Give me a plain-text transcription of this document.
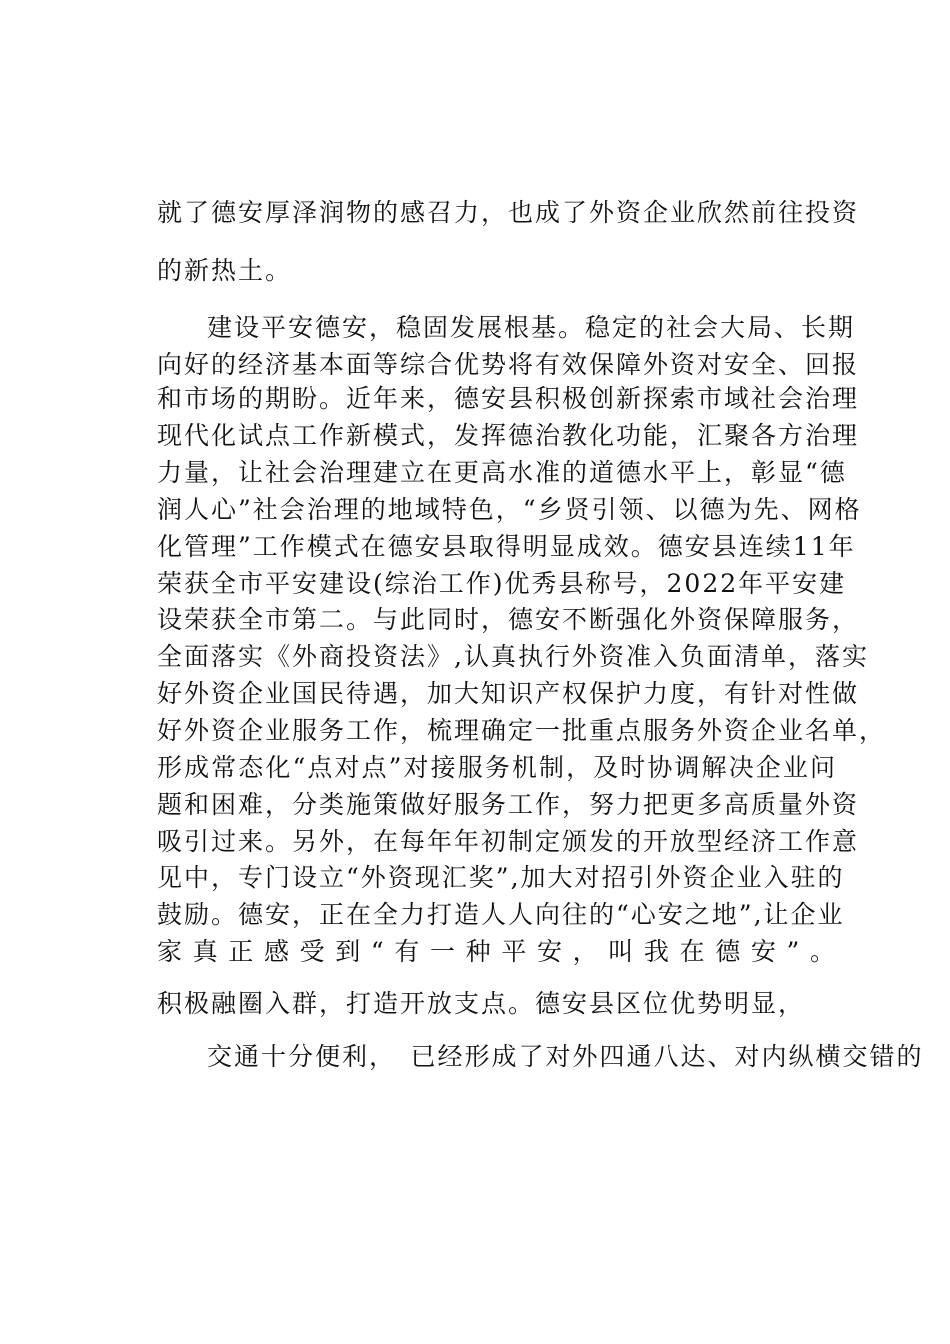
就了德安厚泽润物的感召力，也成了外资企业欣然前往投资
的新热土。
建设平安德安，稳固发展根基。稳定的社会大局、长期
向好的经济基本面等综合优势将有效保障外资对安全、回报
和市场的期盼。近年来，德安县积极创新探索市域社会治理
现代化试点工作新模式，发挥德治教化功能，汇聚各方治理
力量，让社会治理建立在更高水准的道德水平上，彰显“德
润人心”社会治理的地域特色，“乡贤引领、以德为先、网格
化管理”工作模式在德安县取得明显成效。德安县连续11年
荣获全市平安建设(综治工作)优秀县称号，2022年平安建
设荣获全市第二。与此同时，德安不断强化外资保障服务，
全面落实《外商投资法》,认真执行外资准入负面清单，落实
好外资企业国民待遇，加大知识产权保护力度，有针对性做
好外资企业服务工作，梳理确定一批重点服务外资企业名单，
形成常态化“点对点”对接服务机制，及时协调解决企业问
题和困难，分类施策做好服务工作，努力把更多高质量外资
吸引过来。另外，在每年年初制定颁发的开放型经济工作意
见中，专门设立“外资现汇奖”,加大对招引外资企业入驻的
鼓励。德安，正在全力打造人人向往的“心安之地”,让企业
家真正感受到“有一种平安，叫我在德安”。
积极融圈入群，打造开放支点。德安县区位优势明显，
交通十分便利，　已经形成了对外四通八达、对内纵横交错的
